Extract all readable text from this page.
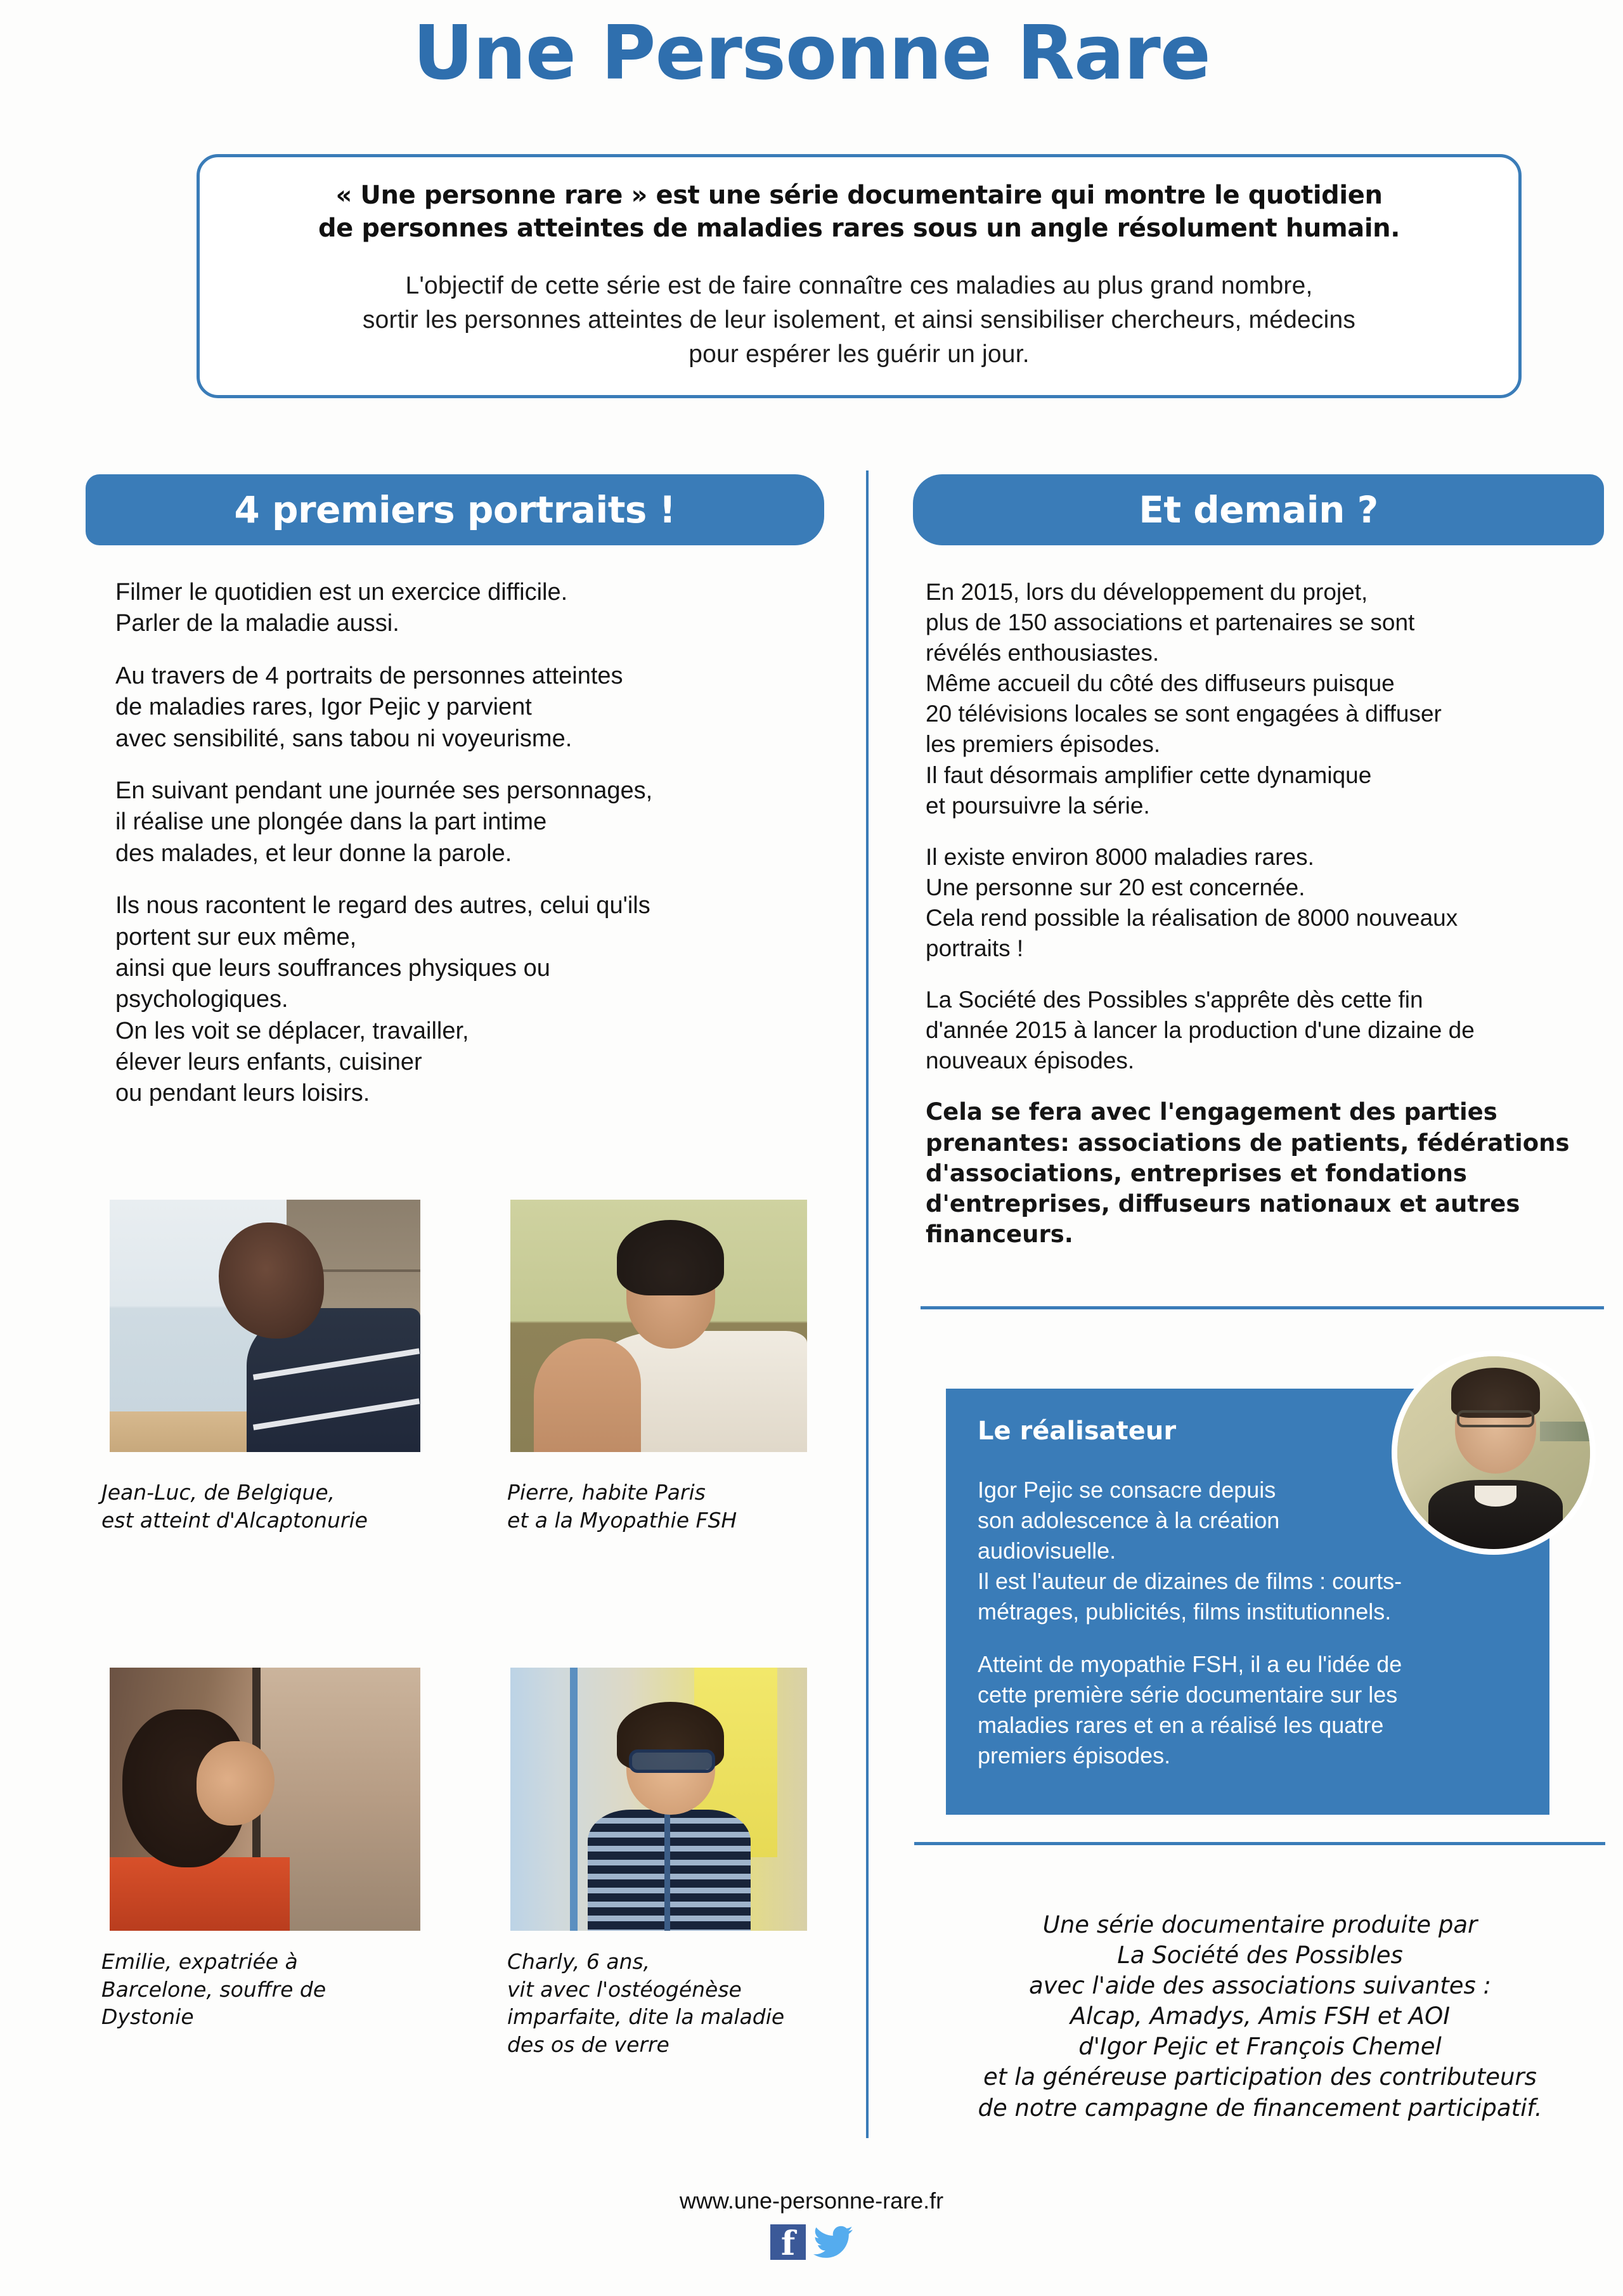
Une Personne Rare
« Une personne rare » est une série documentaire qui montre le quotidien
de personnes atteintes de maladies rares sous un angle résolument humain.
L'objectif de cette série est de faire connaître ces maladies au plus grand nombre,
sortir les personnes atteintes de leur isolement, et ainsi sensibiliser chercheurs, médecins
pour espérer les guérir un jour.
4 premiers portraits !	Et demain ?
Filmer le quotidien est un exercice difficile.
Parler de la maladie aussi.
Au travers de 4 portraits de personnes atteintes
de maladies rares, Igor Pejic y parvient
avec sensibilité, sans tabou ni voyeurisme.
En suivant pendant une journée ses personnages,
il réalise une plongée dans la part intime
des malades, et leur donne la parole.
Ils nous racontent le regard des autres, celui qu'ils
portent sur eux même,
ainsi que leurs souffrances physiques ou
psychologiques.
On les voit se déplacer, travailler,
élever leurs enfants, cuisiner
ou pendant leurs loisirs.
Jean-Luc, de Belgique,
est atteint d'Alcaptonurie
Pierre, habite Paris
et a la Myopathie FSH
Emilie, expatriée à
Barcelone, souffre de
Dystonie
Charly, 6 ans,
vit avec l'ostéogénèse
imparfaite, dite la maladie
des os de verre
En 2015, lors du développement du projet,
plus de 150 associations et partenaires se sont
révélés enthousiastes.
Même accueil du côté des diffuseurs puisque
20 télévisions locales se sont engagées à diffuser
les premiers épisodes.
Il faut désormais amplifier cette dynamique
et poursuivre la série.
Il existe environ 8000 maladies rares.
Une personne sur 20 est concernée.
Cela rend possible la réalisation de 8000 nouveaux
portraits !
La Société des Possibles s'apprête dès cette fin
d'année 2015 à lancer la production d'une dizaine de
nouveaux épisodes.
Cela se fera avec l'engagement des parties
prenantes: associations de patients, fédérations
d'associations, entreprises et fondations
d'entreprises, diffuseurs nationaux et autres
financeurs.
Le réalisateur
Igor Pejic se consacre depuis
son adolescence à la création
audiovisuelle.
Il est l'auteur de dizaines de films : courts-
métrages, publicités, films institutionnels.
Atteint de myopathie FSH, il a eu l'idée de
cette première série documentaire sur les
maladies rares et en a réalisé les quatre
premiers épisodes.
Une série documentaire produite par
La Société des Possibles
avec l'aide des associations suivantes :
Alcap, Amadys, Amis FSH et AOI
d'Igor Pejic et François Chemel
et la généreuse participation des contributeurs
de notre campagne de financement participatif.
www.une-personne-rare.fr
f
